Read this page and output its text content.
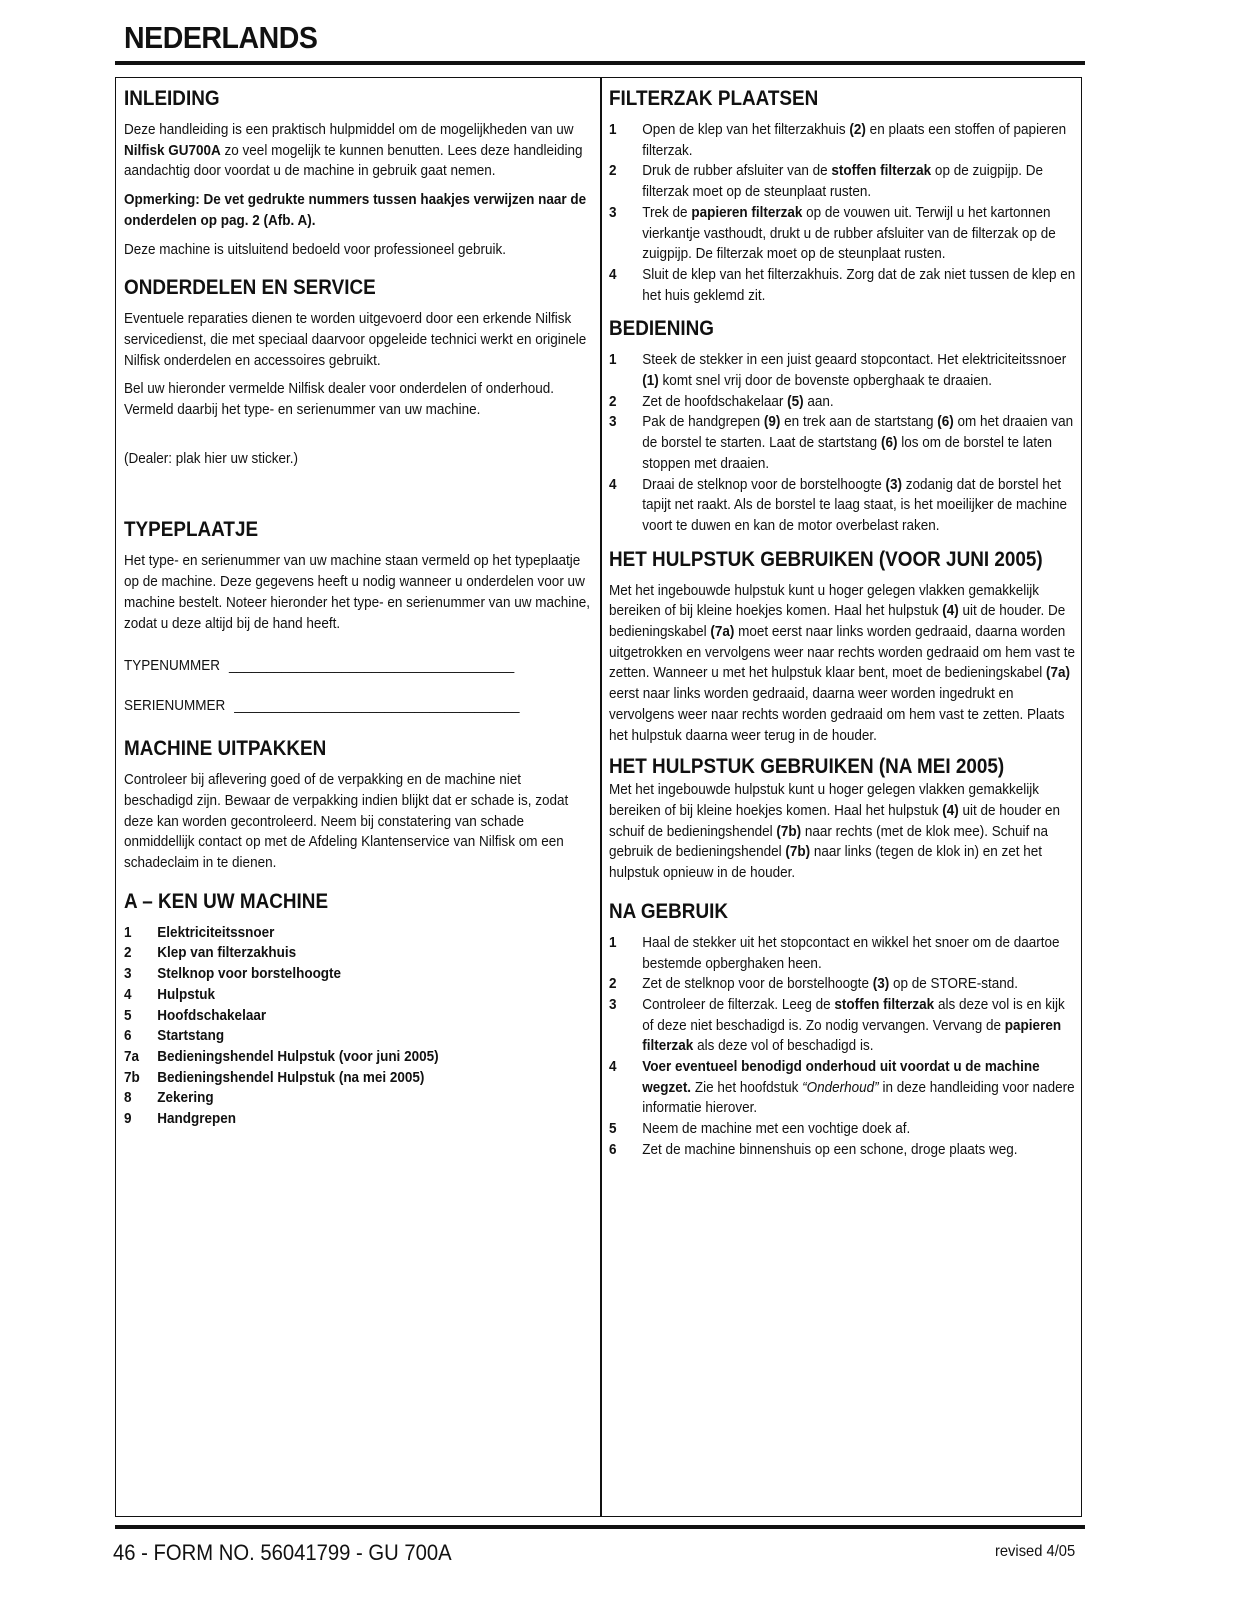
NEDERLANDS
INLEIDING

Deze handleiding is een praktisch hulpmiddel om de mogelijkheden van uw Nilfisk GU700A zo veel mogelijk te kunnen benutten. Lees deze handleiding aandachtig door voordat u de machine in gebruik gaat nemen.

Opmerking: De vet gedrukte nummers tussen haakjes verwijzen naar de onderdelen op pag. 2 (Afb. A).

Deze machine is uitsluitend bedoeld voor professioneel gebruik.

ONDERDELEN EN SERVICE

Eventuele reparaties dienen te worden uitgevoerd door een erkende Nilfisk servicedienst, die met speciaal daarvoor opgeleide technici werkt en originele Nilfisk onderdelen en accessoires gebruikt.

Bel uw hieronder vermelde Nilfisk dealer voor onderdelen of onderhoud. Vermeld daarbij het type- en serienummer van uw machine.

(Dealer: plak hier uw sticker.)

TYPEPLAATJE

Het type- en serienummer van uw machine staan vermeld op het typeplaatje op de machine. Deze gegevens heeft u nodig wanneer u onderdelen voor uw machine bestelt. Noteer hieronder het type- en serienummer van uw machine, zodat u deze altijd bij de hand heeft.

TYPENUMMER ______________________________________
SERIENUMMER ______________________________________
MACHINE UITPAKKEN

Controleer bij aflevering goed of de verpakking en de machine niet beschadigd zijn. Bewaar de verpakking indien blijkt dat er schade is, zodat deze kan worden gecontroleerd. Neem bij constatering van schade onmiddellijk contact op met de Afdeling Klantenservice van Nilfisk om een schadeclaim in te dienen.

A – KEN UW MACHINE
1 Elektriciteitssnoer
2 Klep van filterzakhuis
3 Stelknop voor borstelhoogte
4 Hulpstuk
5 Hoofdschakelaar
6 Startstang
7a Bedieningshendel Hulpstuk (voor juni 2005)
7b Bedieningshendel Hulpstuk (na mei 2005)
8 Zekering
9 Handgrepen
FILTERZAK PLAATSEN
1 Open de klep van het filterzakhuis (2) en plaats een stoffen of papieren filterzak.
2 Druk de rubber afsluiter van de stoffen filterzak op de zuigpijp. De filterzak moet op de steunplaat rusten.
3 Trek de papieren filterzak op de vouwen uit. Terwijl u het kartonnen vierkantje vasthoudt, drukt u de rubber afsluiter van de filterzak op de zuigpijp. De filterzak moet op de steunplaat rusten.
4 Sluit de klep van het filterzakhuis. Zorg dat de zak niet tussen de klep en het huis geklemd zit.
BEDIENING
1 Steek de stekker in een juist geaard stopcontact. Het elektriciteitssnoer (1) komt snel vrij door de bovenste opberghaak te draaien.
2 Zet de hoofdschakelaar (5) aan.
3 Pak de handgrepen (9) en trek aan de startstang (6) om het draaien van de borstel te starten. Laat de startstang (6) los om de borstel te laten stoppen met draaien.
4 Draai de stelknop voor de borstelhoogte (3) zodanig dat de borstel het tapijt net raakt. Als de borstel te laag staat, is het moeilijker de machine voort te duwen en kan de motor overbelast raken.
HET HULPSTUK GEBRUIKEN (VOOR JUNI 2005)

Met het ingebouwde hulpstuk kunt u hoger gelegen vlakken gemakkelijk bereiken of bij kleine hoekjes komen. Haal het hulpstuk (4) uit de houder. De bedieningskabel (7a) moet eerst naar links worden gedraaid, daarna worden uitgetrokken en vervolgens weer naar rechts worden gedraaid om hem vast te zetten. Wanneer u met het hulpstuk klaar bent, moet de bedieningskabel (7a) eerst naar links worden gedraaid, daarna weer worden ingedrukt en vervolgens weer naar rechts worden gedraaid om hem vast te zetten. Plaats het hulpstuk daarna weer terug in de houder.

HET HULPSTUK GEBRUIKEN (NA MEI 2005)

Met het ingebouwde hulpstuk kunt u hoger gelegen vlakken gemakkelijk bereiken of bij kleine hoekjes komen. Haal het hulpstuk (4) uit de houder en schuif de bedieningshendel (7b) naar rechts (met de klok mee). Schuif na gebruik de bedieningshendel (7b) naar links (tegen de klok in) en zet het hulpstuk opnieuw in de houder.

NA GEBRUIK
1 Haal de stekker uit het stopcontact en wikkel het snoer om de daartoe bestemde opberghaken heen.
2 Zet de stelknop voor de borstelhoogte (3) op de STORE-stand.
3 Controleer de filterzak. Leeg de stoffen filterzak als deze vol is en kijk of deze niet beschadigd is. Zo nodig vervangen. Vervang de papieren filterzak als deze vol of beschadigd is.
4 Voer eventueel benodigd onderhoud uit voordat u de machine wegzet. Zie het hoofdstuk “Onderhoud” in deze handleiding voor nadere informatie hierover.
5 Neem de machine met een vochtige doek af.
6 Zet de machine binnenshuis op een schone, droge plaats weg.
46 - FORM NO. 56041799 - GU 700A	revised 4/05
